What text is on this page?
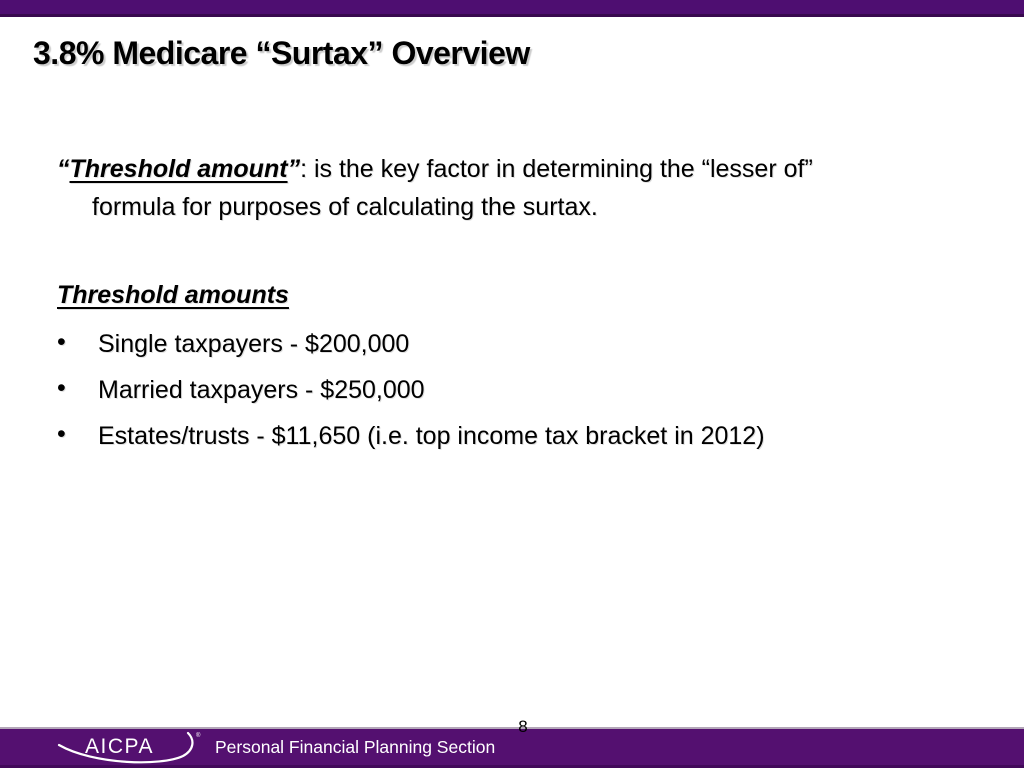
3.8% Medicare “Surtax” Overview
“Threshold amount”: is the key factor in determining the “lesser of”
formula for purposes of calculating the surtax.
Threshold amounts
• Single taxpayers - $200,000
• Married taxpayers - $250,000
• Estates/trusts - $11,650 (i.e. top income tax bracket in 2012)
8
AICPA	®
Personal Financial Planning Section
